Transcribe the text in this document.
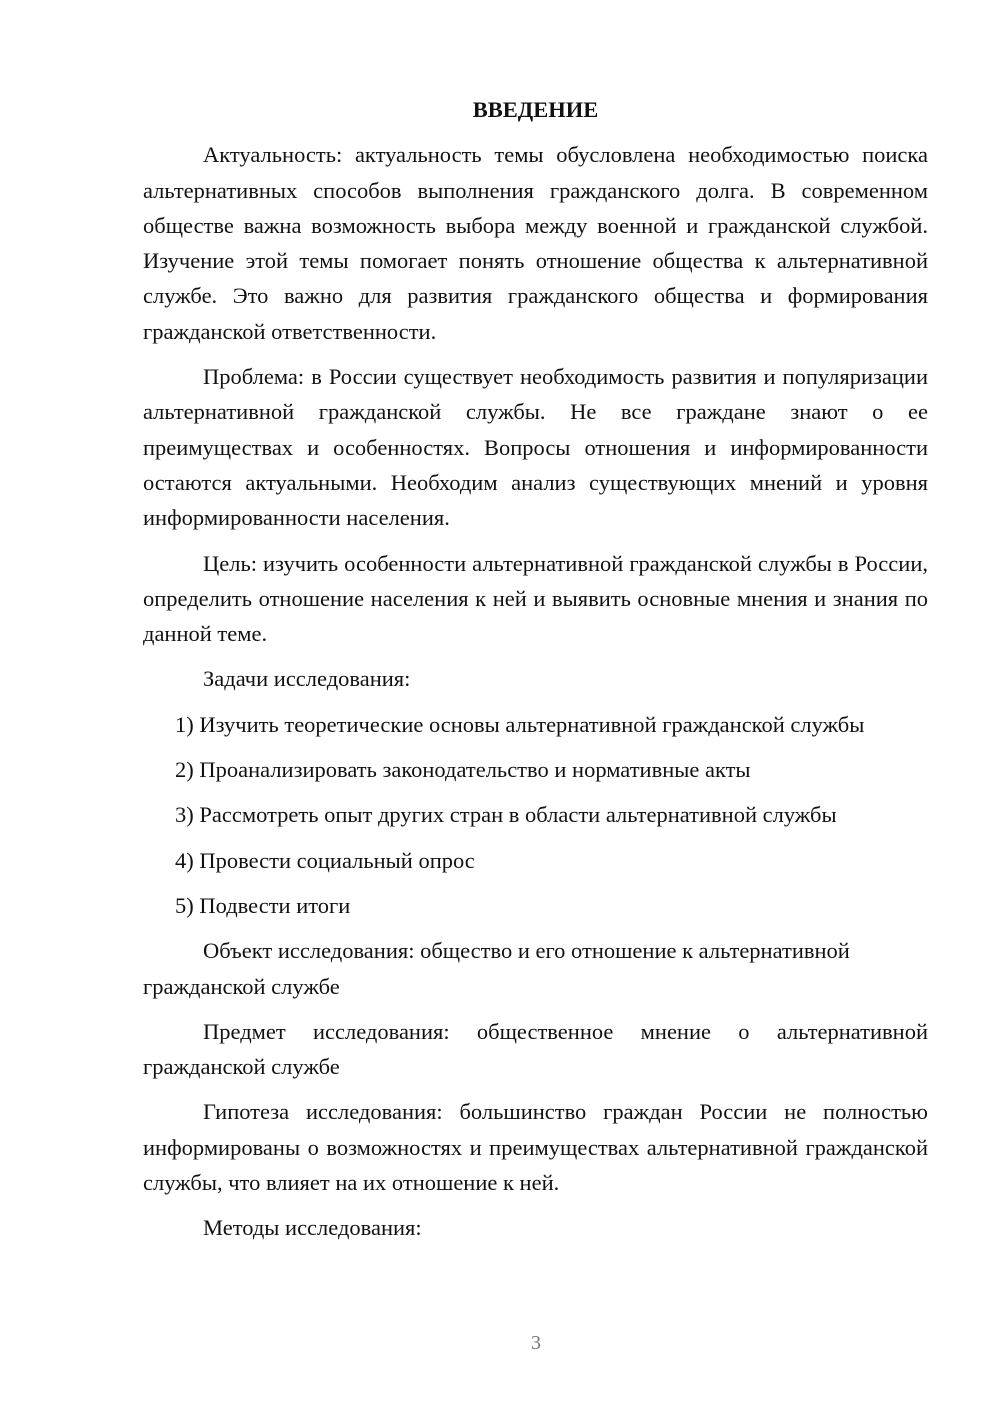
ВВЕДЕНИЕ

Актуальность: актуальность темы обусловлена необходимостью поиска альтернативных способов выполнения гражданского долга. В современном обществе важна возможность выбора между военной и гражданской службой. Изучение этой темы помогает понять отношение общества к альтернативной службе. Это важно для развития гражданского общества и формирования гражданской ответственности.

Проблема: в России существует необходимость развития и популяризации альтернативной гражданской службы. Не все граждане знают о ее преимуществах и особенностях. Вопросы отношения и информированности остаются актуальными. Необходим анализ существующих мнений и уровня информированности населения.

Цель: изучить особенности альтернативной гражданской службы в России, определить отношение населения к ней и выявить основные мнения и знания по данной теме.

Задачи исследования:

1) Изучить теоретические основы альтернативной гражданской службы

2) Проанализировать законодательство и нормативные акты

3) Рассмотреть опыт других стран в области альтернативной службы

4) Провести социальный опрос

5) Подвести итоги

Объект исследования: общество и его отношение к альтернативной гражданской службе

Предмет исследования: общественное мнение о альтернативной гражданской службе

Гипотеза исследования: большинство граждан России не полностью информированы о возможностях и преимуществах альтернативной гражданской службы, что влияет на их отношение к ней.

Методы исследования:

3
